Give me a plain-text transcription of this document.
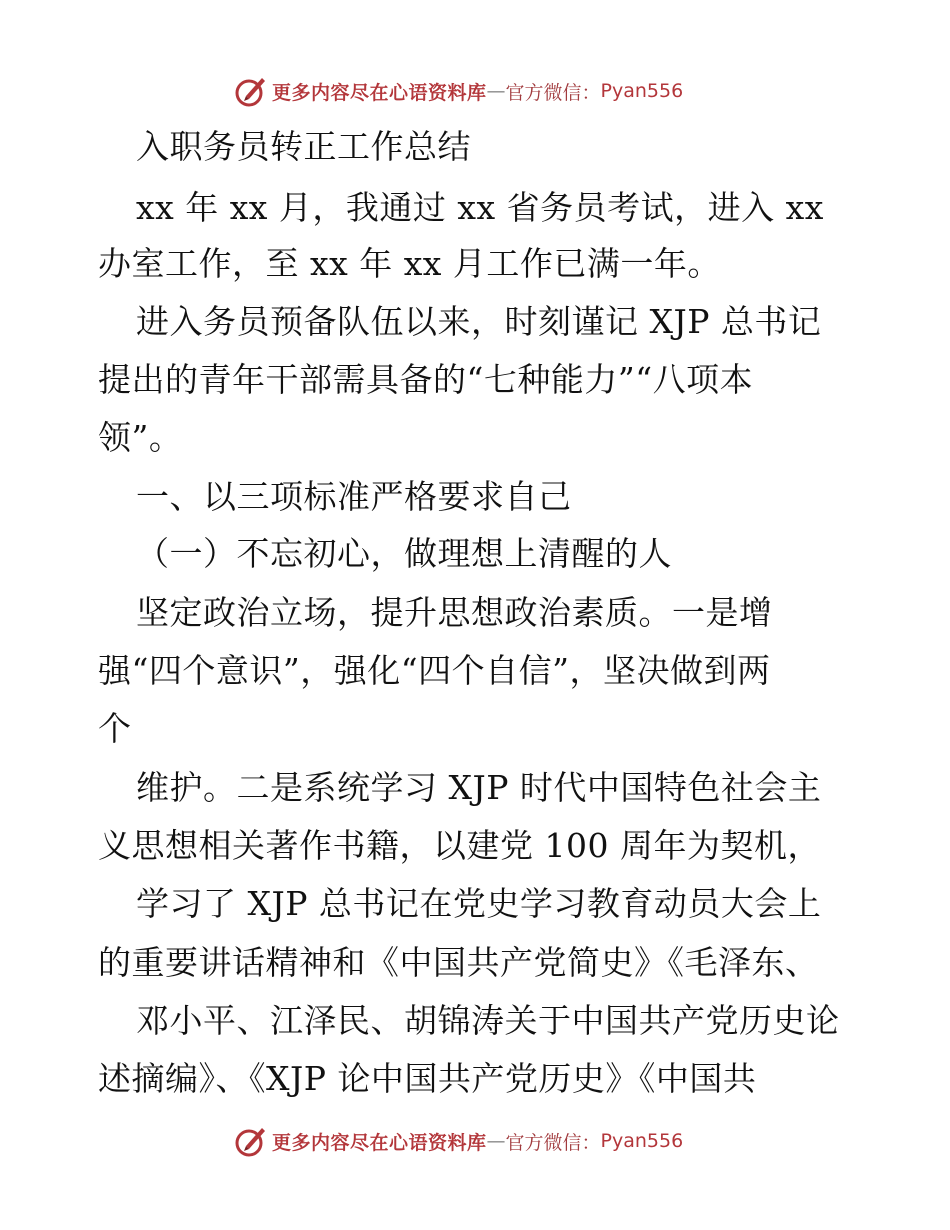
更多内容尽在心语资料库 — 官方微信： Pyan556
入职务员转正工作总结
xx 年 xx 月，我通过 xx 省务员考试，进入 xx
办室工作，至 xx 年 xx 月工作已满一年。
进入务员预备队伍以来，时刻谨记 XJP 总书记
提出的青年干部需具备的“七种能力”“八项本
领”。
一、以三项标准严格要求自己
（一）不忘初心，做理想上清醒的人
坚定政治立场，提升思想政治素质。一是增
强“四个意识”，强化“四个自信”，坚决做到两
个
维护。二是系统学习 XJP 时代中国特色社会主
义思想相关著作书籍，以建党 100 周年为契机，
学习了 XJP 总书记在党史学习教育动员大会上
的重要讲话精神和《中国共产党简史》《毛泽东、
邓小平、江泽民、胡锦涛关于中国共产党历史论
述摘编》、《XJP 论中国共产党历史》《中国共
更多内容尽在心语资料库 — 官方微信： Pyan556
